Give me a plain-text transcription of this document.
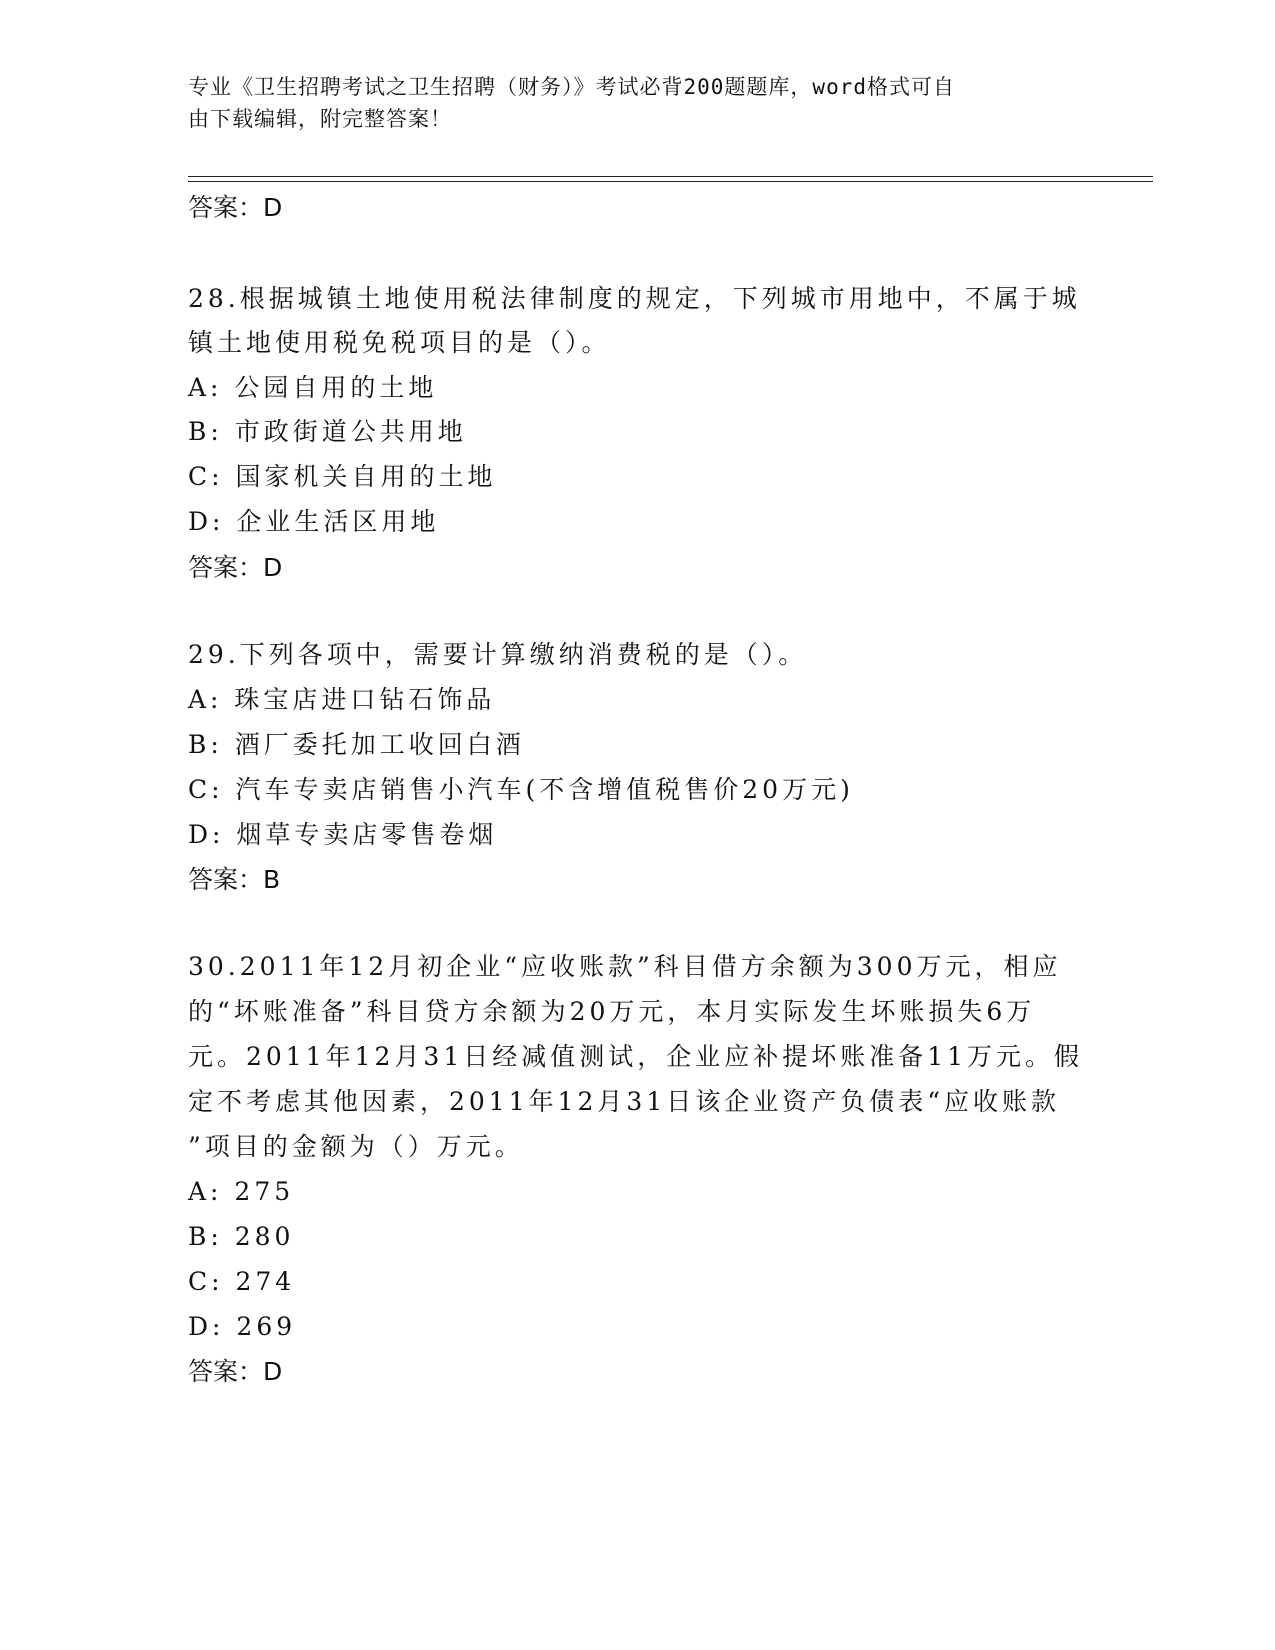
专业《卫生招聘考试之卫生招聘（财务）》考试必背200题题库，word格式可自
由下载编辑，附完整答案！
答案：D
28.根据城镇土地使用税法律制度的规定，下列城市用地中，不属于城
镇土地使用税免税项目的是（）。
A: 公园自用的土地
B: 市政街道公共用地
C: 国家机关自用的土地
D: 企业生活区用地
答案：D
29.下列各项中，需要计算缴纳消费税的是（）。
A: 珠宝店进口钻石饰品
B: 酒厂委托加工收回白酒
C: 汽车专卖店销售小汽车(不含增值税售价20万元)
D: 烟草专卖店零售卷烟
答案：B
30.2011年12月初企业“应收账款”科目借方余额为300万元，相应
的“坏账准备”科目贷方余额为20万元，本月实际发生坏账损失6万
元。2011年12月31日经减值测试，企业应补提坏账准备11万元。假
定不考虑其他因素，2011年12月31日该企业资产负债表“应收账款
”项目的金额为（）万元。
A: 275
B: 280
C: 274
D: 269
答案：D
